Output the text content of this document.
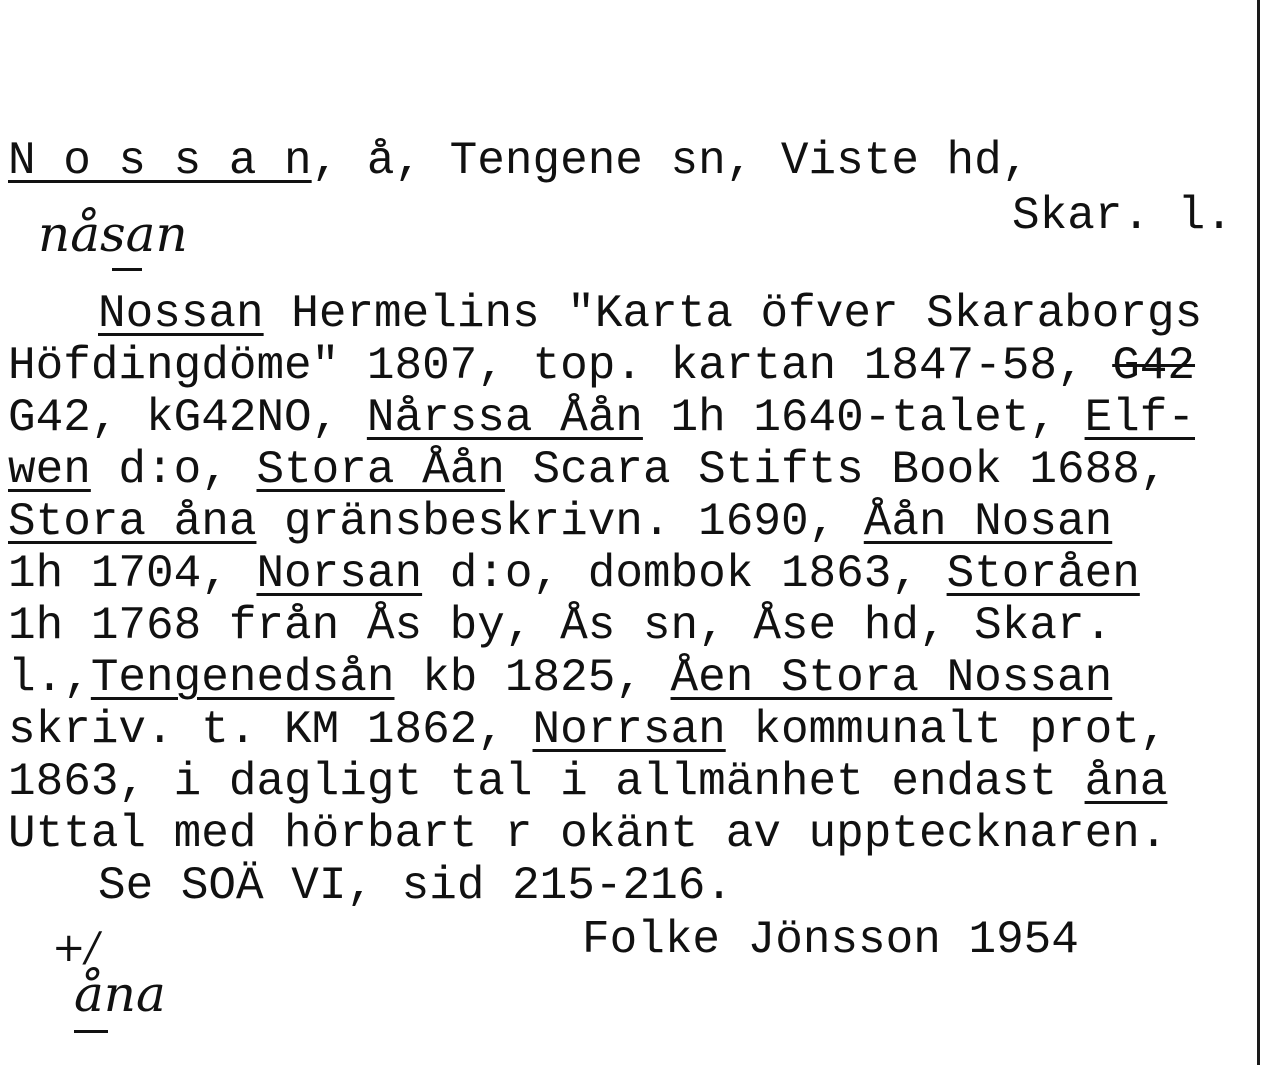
N o s s a n, å, Tengene sn, Viste hd,
Skar. l.
nåsan
Nossan Hermelins "Karta öfver Skaraborgs
Höfdingdöme" 1807, top. kartan 1847-58, G42
G42, kG42NO, Nårssa Åån 1h 1640-talet, Elf-
wen d:o, Stora Åån Scara Stifts Book 1688,
Stora åna gränsbeskrivn. 1690, Åån Nosan
1h 1704, Norsan d:o, dombok 1863, Storåen
1h 1768 från Ås by, Ås sn, Åse hd, Skar.
l.,Tengenedsån kb 1825, Åen Stora Nossan
skriv. t. KM 1862, Norrsan kommunalt prot,
1863, i dagligt tal i allmänhet endast åna
Uttal med hörbart r okänt av upptecknaren.
Se SOÄ VI, sid 215-216.
Folke Jönsson 1954
+/
åna
